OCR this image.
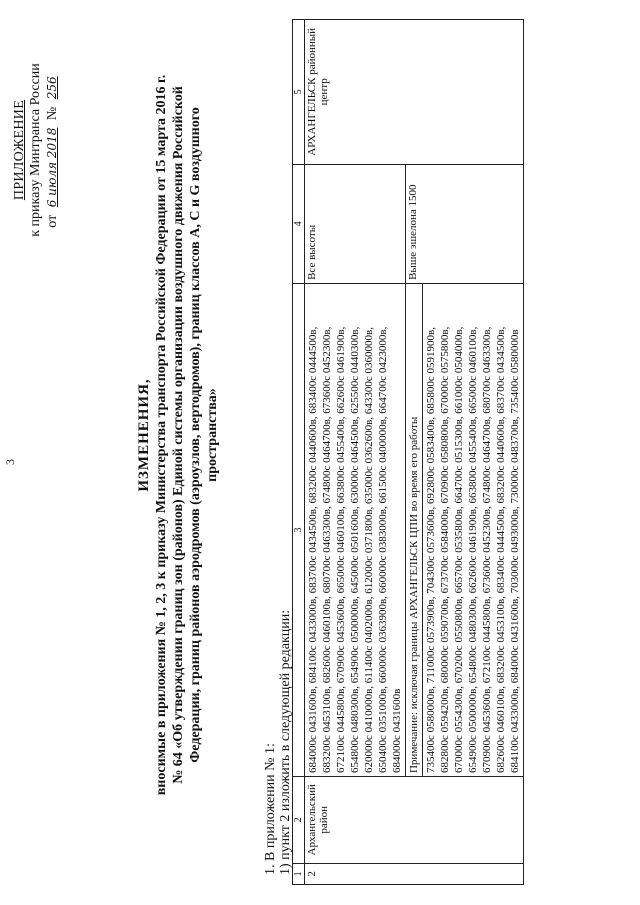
3
ПРИЛОЖЕНИЕ к приказу Минтранса России от 6 июля 2018 № 256
ИЗМЕНЕНИЯ, вносимые в приложения № 1, 2, 3 к приказу Министерства транспорта Российской Федерации от 15 марта 2016 г. № 64 «Об утверждении границ зон (районов) Единой системы организации воздушного движения Российской Федерации, границ районов аэродромов (аэроузлов, вертодромов), границ классов A, C и G воздушного пространства»
1. В приложении № 1: 1) пункт 2 изложить в следующей редакции: 1	2	3	4	5
2	Архангельский район	684000с 0431600в, 684100с 0433000в, 683700с 0434500в, 683200с 0440600в, 683400с 0444500в, 683200с 0453100в, 682600с 0460100в, 680700с 0463300в, 674800с 0464700в, 673600с 0452300в, 672100с 0445800в, 670900с 0453600в, 665000с 0460100в, 663800с 0455400в, 662600с 0461900в, 654800с 0480300в, 654900с 0500000в, 645000с 0501600в, 630000с 0464500в, 625500с 0440300в, 620000с 0410000в, 611400с 0402000в, 612000с 0371800в, 635000с 0362600в, 643300с 0360000в, 650400с 0351000в, 660000с 0363900в, 660000с 0383000в, 661500с 0400000в, 664700с 0423000в, 684000с 0431600в	Все высоты	АРХАНГЕЛЬСК районный центр
		Примечание: исключая границы АРХАНГЕЛЬСК ЦПИ во время его работы	Выше эшелона 1500	
		735400с 0580000в, 711000с 0573900в, 704300с 0573600в, 692800с 0583400в, 685800с 0591900в, 682800с 0594200в, 680000с 0590700в, 673700с 0584000в, 670900с 0580800в, 670000с 0575800в, 670000с 0554300в, 670200с 0550800в, 665700с 0535800в, 664700с 0515300в, 661000с 0504000в, 654900с 0500000в, 654800с 0480300в, 662600с 0461900в, 663800с 0455400в, 665000с 0460100в, 670900с 0453600в, 672100с 0445800в, 673600с 0452300в, 674800с 0464700в, 680700с 0463300в, 682600с 0460100в, 683200с 0453100в, 683400с 0444500в, 683200с 0440600в, 683700с 0434500в, 684100с 0433000в, 684000с 0431600в, 703000с 0493000в, 730000с 0483700в, 735400с 0580000в		
